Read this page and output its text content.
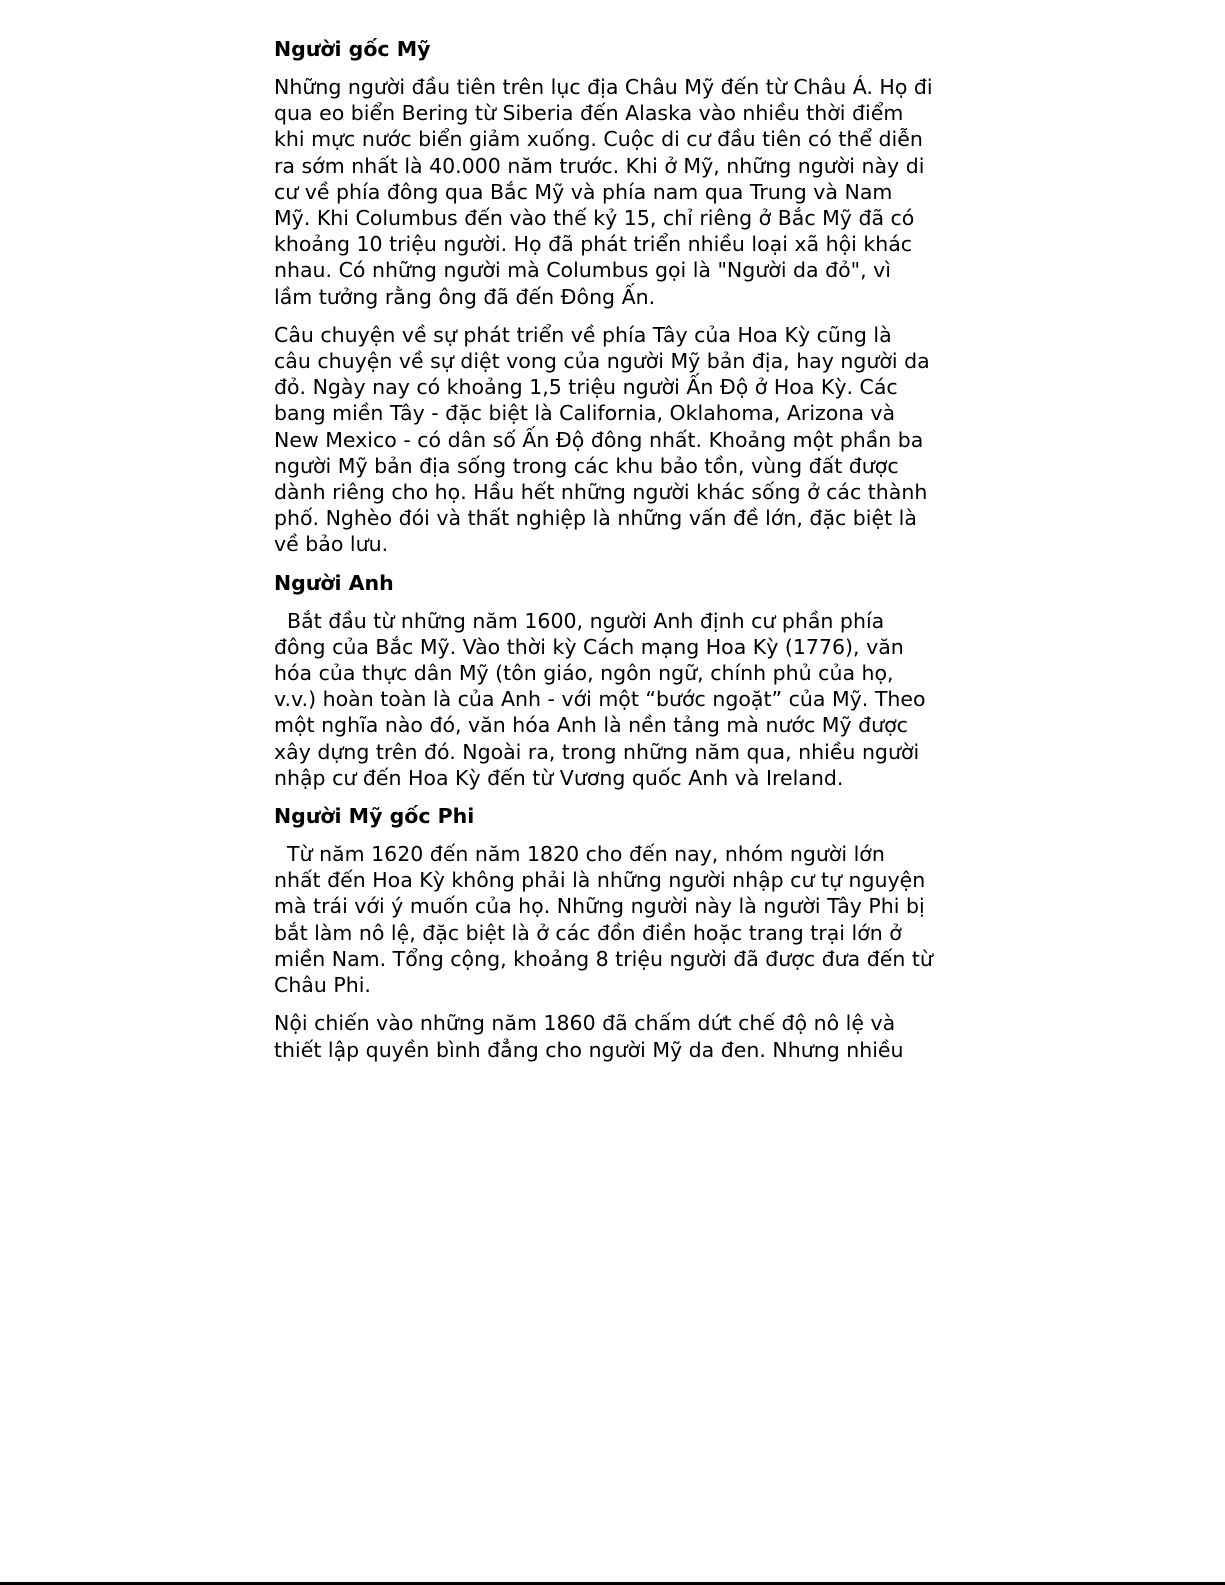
Người gốc Mỹ
Những người đầu tiên trên lục địa Châu Mỹ đến từ Châu Á. Họ đi
qua eo biển Bering từ Siberia đến Alaska vào nhiều thời điểm
khi mực nước biển giảm xuống. Cuộc di cư đầu tiên có thể diễn
ra sớm nhất là 40.000 năm trước. Khi ở Mỹ, những người này di
cư về phía đông qua Bắc Mỹ và phía nam qua Trung và Nam
Mỹ. Khi Columbus đến vào thế kỷ 15, chỉ riêng ở Bắc Mỹ đã có
khoảng 10 triệu người. Họ đã phát triển nhiều loại xã hội khác
nhau. Có những người mà Columbus gọi là "Người da đỏ", vì
lầm tưởng rằng ông đã đến Đông Ấn.
Câu chuyện về sự phát triển về phía Tây của Hoa Kỳ cũng là
câu chuyện về sự diệt vong của người Mỹ bản địa, hay người da
đỏ. Ngày nay có khoảng 1,5 triệu người Ấn Độ ở Hoa Kỳ. Các
bang miền Tây - đặc biệt là California, Oklahoma, Arizona và
New Mexico - có dân số Ấn Độ đông nhất. Khoảng một phần ba
người Mỹ bản địa sống trong các khu bảo tồn, vùng đất được
dành riêng cho họ. Hầu hết những người khác sống ở các thành
phố. Nghèo đói và thất nghiệp là những vấn đề lớn, đặc biệt là
về bảo lưu.
Người Anh
Bắt đầu từ những năm 1600, người Anh định cư phần phía
đông của Bắc Mỹ. Vào thời kỳ Cách mạng Hoa Kỳ (1776), văn
hóa của thực dân Mỹ (tôn giáo, ngôn ngữ, chính phủ của họ,
v.v.) hoàn toàn là của Anh - với một “bước ngoặt” của Mỹ. Theo
một nghĩa nào đó, văn hóa Anh là nền tảng mà nước Mỹ được
xây dựng trên đó. Ngoài ra, trong những năm qua, nhiều người
nhập cư đến Hoa Kỳ đến từ Vương quốc Anh và Ireland.
Người Mỹ gốc Phi
Từ năm 1620 đến năm 1820 cho đến nay, nhóm người lớn
nhất đến Hoa Kỳ không phải là những người nhập cư tự nguyện
mà trái với ý muốn của họ. Những người này là người Tây Phi bị
bắt làm nô lệ, đặc biệt là ở các đồn điền hoặc trang trại lớn ở
miền Nam. Tổng cộng, khoảng 8 triệu người đã được đưa đến từ
Châu Phi.
Nội chiến vào những năm 1860 đã chấm dứt chế độ nô lệ và
thiết lập quyền bình đẳng cho người Mỹ da đen. Nhưng nhiều
